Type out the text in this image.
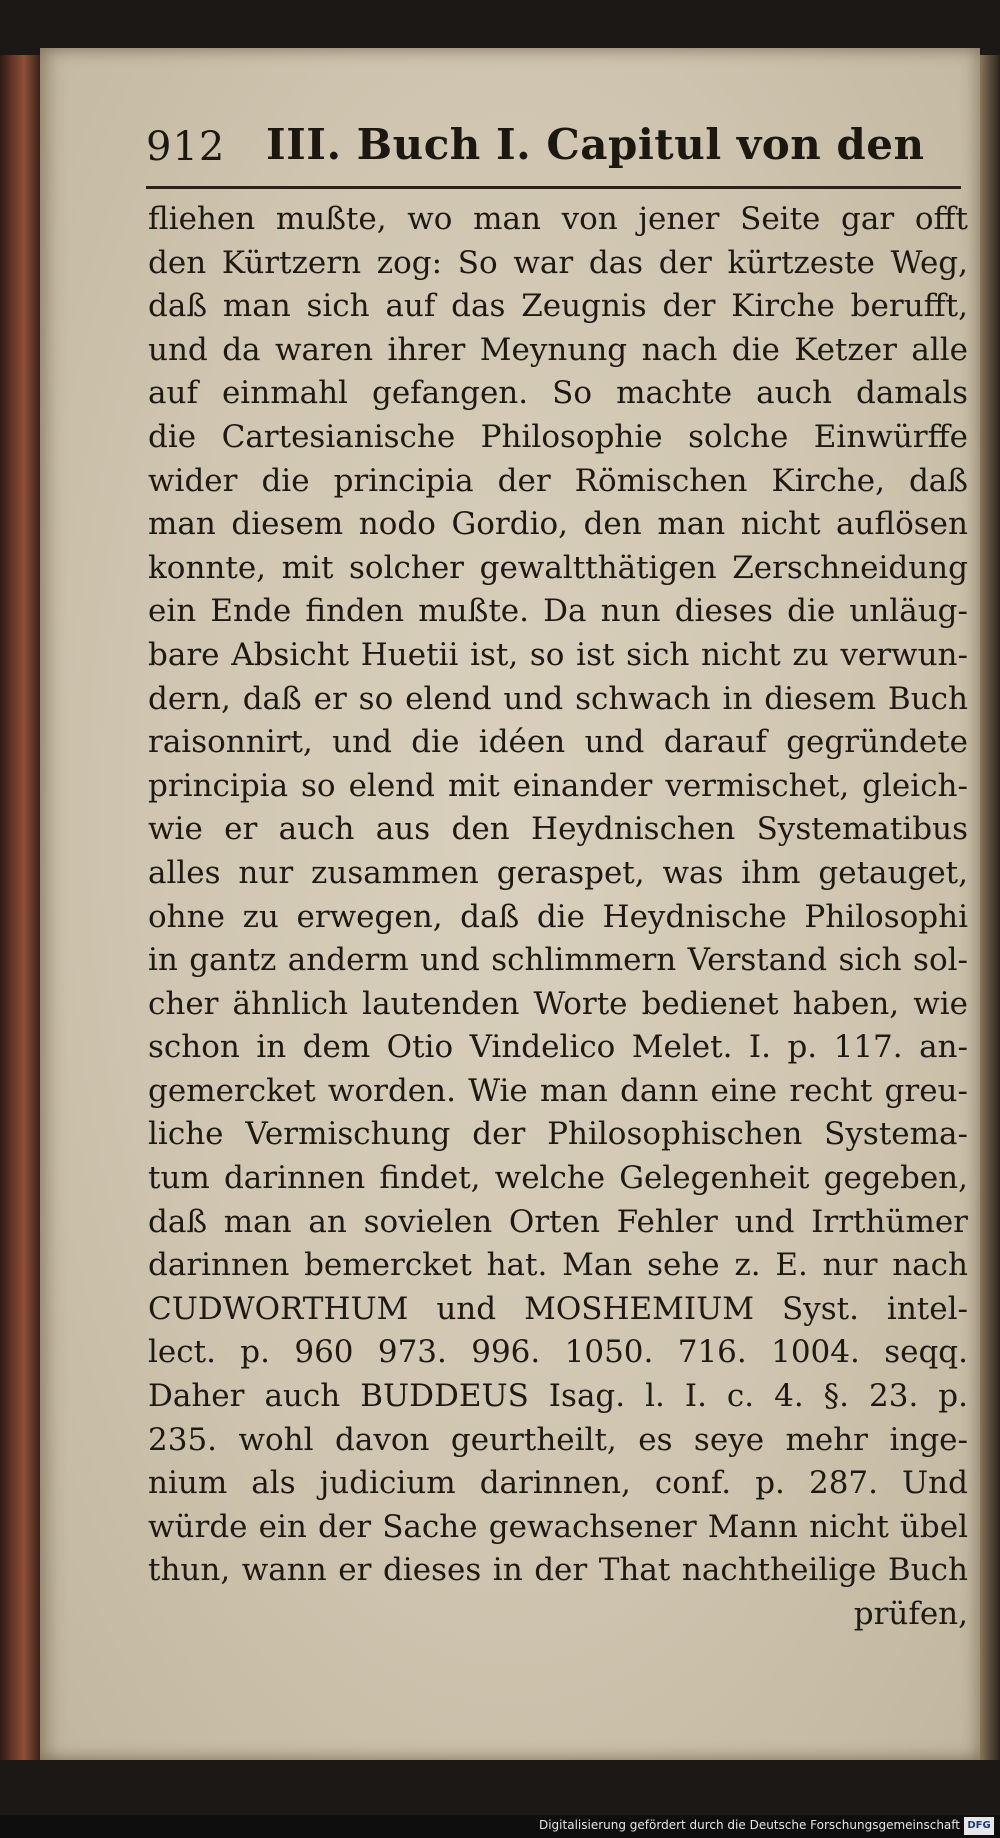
912 III. Buch I. Capitul von den
fliehen mußte, wo man von jener Seite gar offt
den Kürtzern zog: So war das der kürtzeste Weg,
daß man sich auf das Zeugnis der Kirche berufft,
und da waren ihrer Meynung nach die Ketzer alle
auf einmahl gefangen. So machte auch damals
die Cartesianische Philosophie solche Einwürffe
wider die principia der Römischen Kirche, daß
man diesem nodo Gordio, den man nicht auflösen
konnte, mit solcher gewaltthätigen Zerschneidung
ein Ende finden mußte. Da nun dieses die unläug-
bare Absicht Huetii ist, so ist sich nicht zu verwun-
dern, daß er so elend und schwach in diesem Buch
raisonnirt, und die idéen und darauf gegründete
principia so elend mit einander vermischet, gleich-
wie er auch aus den Heydnischen Systematibus
alles nur zusammen geraspet, was ihm getauget,
ohne zu erwegen, daß die Heydnische Philosophi
in gantz anderm und schlimmern Verstand sich sol-
cher ähnlich lautenden Worte bedienet haben, wie
schon in dem Otio Vindelico Melet. I. p. 117. an-
gemercket worden. Wie man dann eine recht greu-
liche Vermischung der Philosophischen Systema-
tum darinnen findet, welche Gelegenheit gegeben,
daß man an sovielen Orten Fehler und Irrthümer
darinnen bemercket hat. Man sehe z. E. nur nach
CUDWORTHUM und MOSHEMIUM Syst. intel-
lect. p. 960 973. 996. 1050. 716. 1004. seqq.
Daher auch BUDDEUS Isag. l. I. c. 4. §. 23. p.
235. wohl davon geurtheilt, es seye mehr inge-
nium als judicium darinnen, conf. p. 287. Und
würde ein der Sache gewachsener Mann nicht übel
thun, wann er dieses in der That nachtheilige Buch
prüfen,
Digitalisierung gefördert durch die Deutsche Forschungsgemeinschaft DFG
